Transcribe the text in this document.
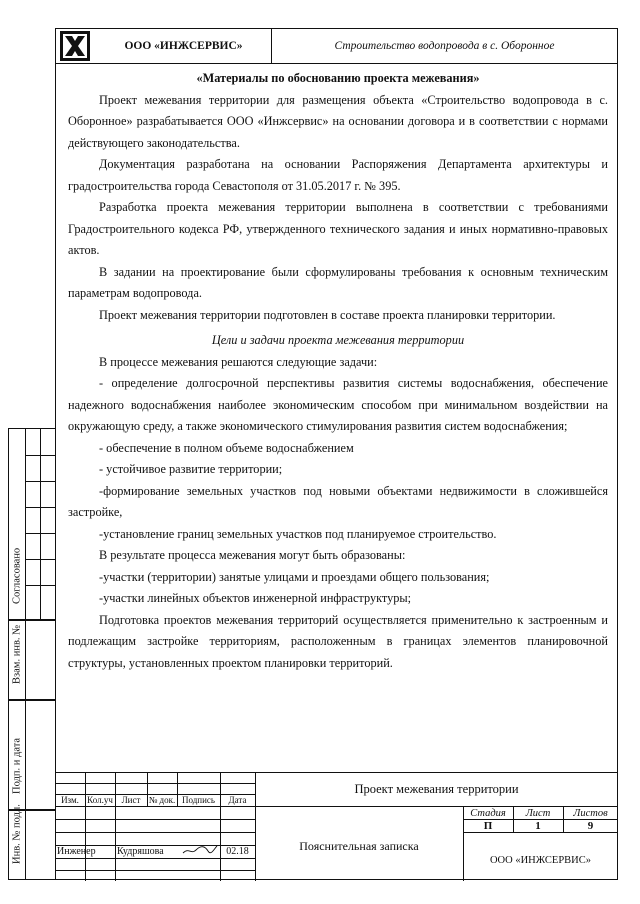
ООО «ИНЖСЕРВИС»	Строительство водопровода в с. Оборонное

«Материалы по обоснованию проекта межевания»

Проект межевания территории для размещения объекта «Строительство водопровода в с. Оборонное» разрабатывается ООО «Инжсервис» на основании договора и в соответствии с нормами действующего законодательства.

Документация разработана на основании Распоряжения Департамента архитектуры и градостроительства города Севастополя от 31.05.2017 г. № 395.

Разработка проекта межевания территории выполнена в соответствии с требованиями Градостроительного кодекса РФ, утвержденного технического задания и иных нормативно-правовых актов.

В задании на проектирование были сформулированы требования к основным техническим параметрам водопровода.

Проект межевания территории подготовлен в составе проекта планировки территории.

Цели и задачи проекта межевания территории

В процессе межевания решаются следующие задачи:

- определение долгосрочной перспективы развития системы водоснабжения, обеспечение надежного водоснабжения наиболее экономическим способом при минимальном воздействии на окружающую среду, а также экономического стимулирования развития систем водоснабжения;

- обеспечение в полном объеме водоснабжением

- устойчивое развитие территории;

-формирование земельных участков под новыми объектами недвижимости в сложившейся застройке,

-установление границ земельных участков под планируемое строительство.

В результате процесса межевания могут быть образованы:

-участки (территории) занятые улицами и проездами общего пользования;

-участки линейных объектов инженерной инфраструктуры;

Подготовка проектов межевания территорий осуществляется применительно к застроенным и подлежащим застройке территориям, расположенным в границах элементов планировочной структуры, установленных проектом планировки территорий.

Согласовано
Взам. инв. №
Подп. и дата
Инв. № подл.
Изм. Кол.уч Лист № док. Подпись	Дата
Инженер Кудряшова	02.18
Проект межевания территории
Пояснительная записка
Стадия	Лист	Листов
П	1	9
ООО «ИНЖСЕРВИС»
